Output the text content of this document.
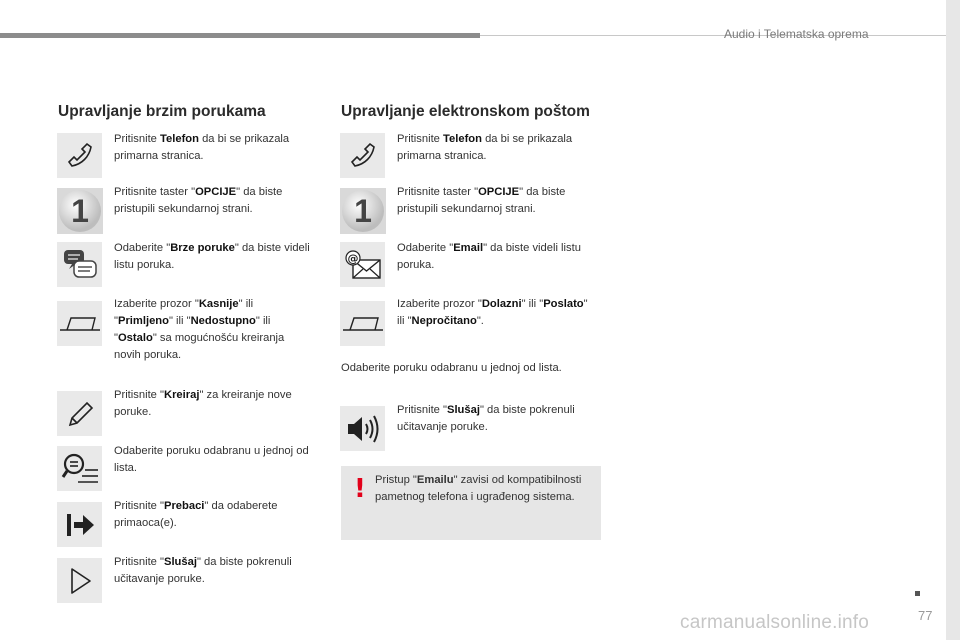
Audio i Telematska oprema
Upravljanje brzim porukama
Pritisnite Telefon da bi se prikazala primarna stranica.
1
Pritisnite taster "OPCIJE" da biste pristupili sekundarnoj strani.
Odaberite "Brze poruke" da biste videli listu poruka.
Izaberite prozor "Kasnije" ili "Primljeno" ili "Nedostupno" ili "Ostalo" sa mogućnošću kreiranja novih poruka.
Pritisnite "Kreiraj" za kreiranje nove poruke.
Odaberite poruku odabranu u jednoj od lista.
Pritisnite "Prebaci" da odaberete primaoca(e).
Pritisnite "Slušaj" da biste pokrenuli učitavanje poruke.
Upravljanje elektronskom poštom
Pritisnite Telefon da bi se prikazala primarna stranica.
1
Pritisnite taster "OPCIJE" da biste pristupili sekundarnoj strani.
@
Odaberite "Email" da biste videli listu poruka.
Izaberite prozor "Dolazni" ili "Poslato" ili "Nepročitano".
Odaberite poruku odabranu u jednoj od lista.
Pritisnite "Slušaj" da biste pokrenuli učitavanje poruke.
! Pristup "Emailu" zavisi od kompatibilnosti pametnog telefona i ugrađenog sistema.
carmanualsonline.info	77
